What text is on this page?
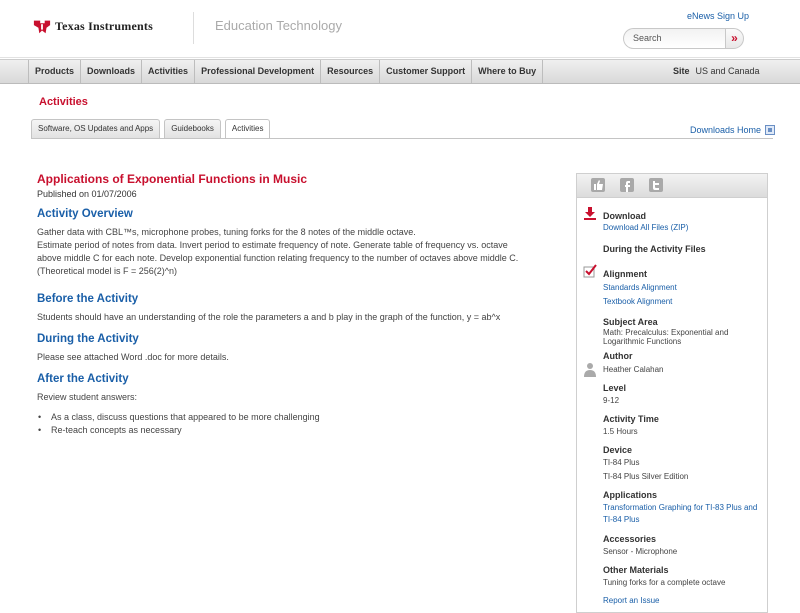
Texas Instruments	Education Technology
eNews Sign Up
Search	»
Products	Downloads	Activities	Professional Development	Resources	Customer Support	Where to Buy	Site US and Canada
Activities
Software, OS Updates and Apps	Guidebooks	Activities	Downloads Home
Applications of Exponential Functions in Music
Published on 01/07/2006
Activity Overview
Gather data with CBL™s, microphone probes, tuning forks for the 8 notes of the middle octave.
Estimate period of notes from data. Invert period to estimate frequency of note. Generate table of frequency vs. octave
above middle C for each note. Develop exponential function relating frequency to the number of octaves above middle C.
(Theoretical model is F = 256(2)^n)
Before the Activity
Students should have an understanding of the role the parameters a and b play in the graph of the function, y = ab^x
During the Activity
Please see attached Word .doc for more details.
After the Activity
Review student answers:
• As a class, discuss questions that appeared to be more challenging
• Re-teach concepts as necessary
Download
Download All Files (ZIP)
During the Activity Files
Alignment
Standards Alignment
Textbook Alignment
Subject Area
Math: Precalculus: Exponential and
Logarithmic Functions
Author
Heather Calahan
Level
9-12
Activity Time
1.5 Hours
Device
TI-84 Plus
TI-84 Plus Silver Edition
Applications
Transformation Graphing for TI-83 Plus and
TI-84 Plus
Accessories
Sensor - Microphone
Other Materials
Tuning forks for a complete octave
Report an Issue
